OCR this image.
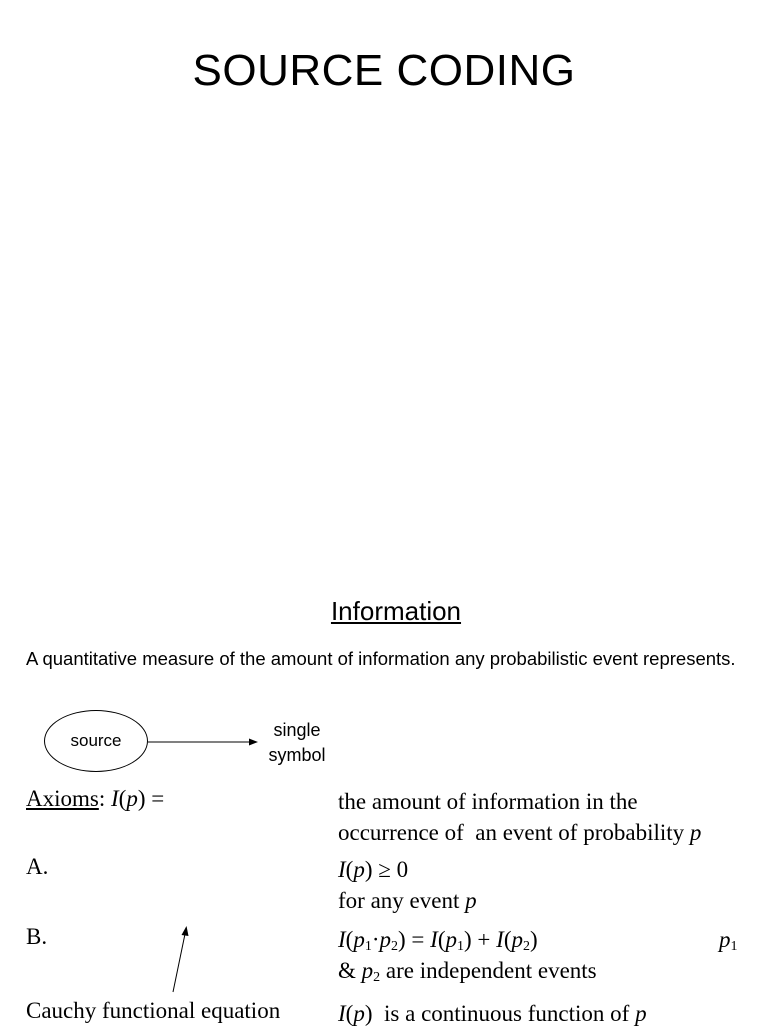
SOURCE CODING
Information
A quantitative measure of the amount of information any probabilistic event represents.
source
single
symbol
Axioms: I(p) =	the amount of information in the
occurrence of  an event of probability p
A.	I(p) ≥ 0
for any event p
B.	$I(p_1\cdot p_2) = I(p_1) + I(p_2)$
& $p_2$ are independent events
$p_1$
Cauchy functional equation	I(p)  is a continuous function of p
